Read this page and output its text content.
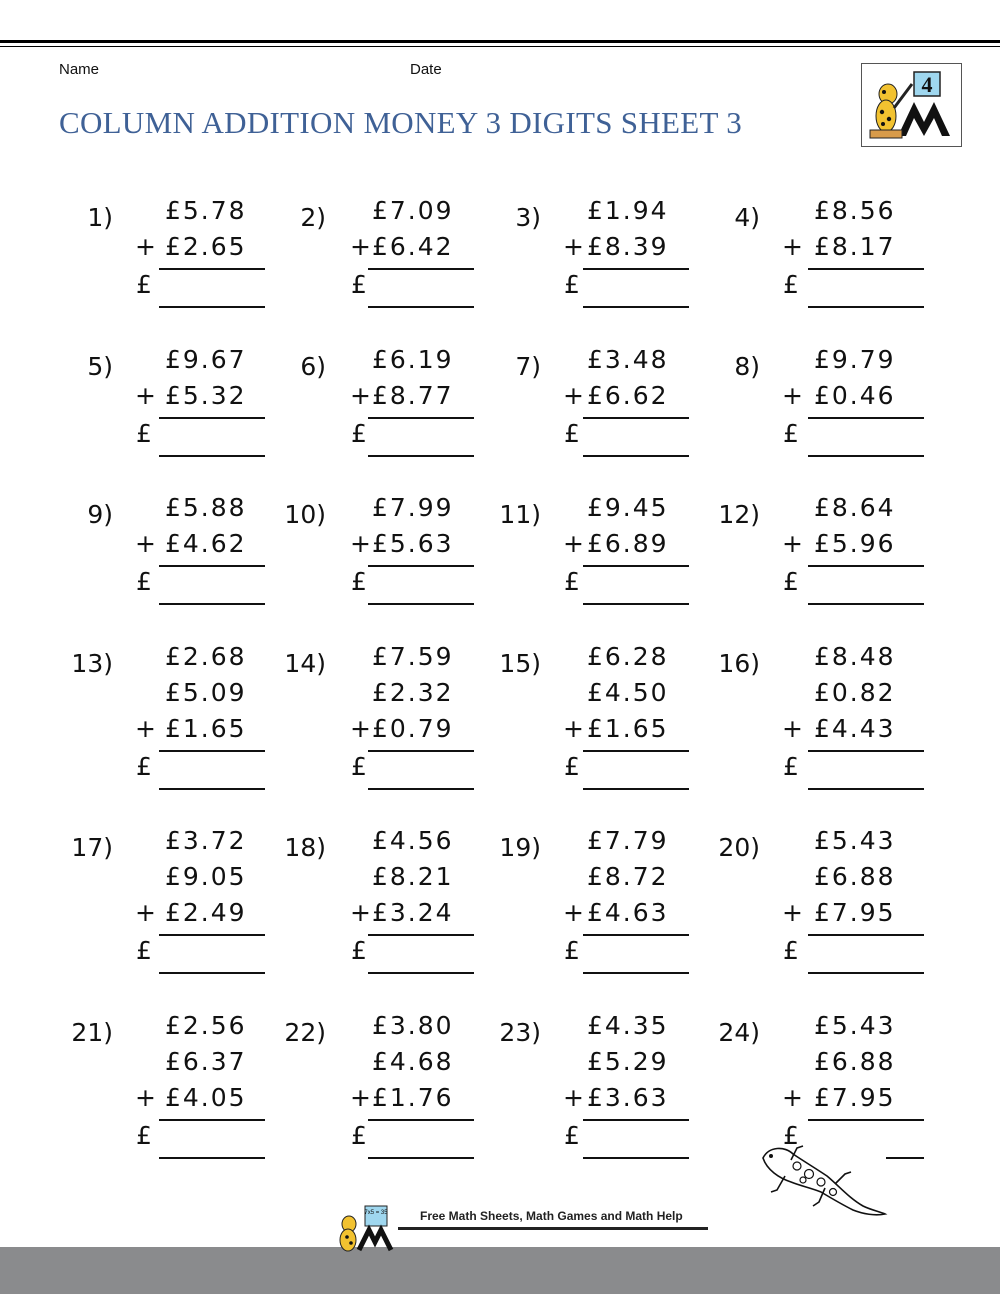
Name	Date
COLUMN ADDITION MONEY 3 DIGITS SHEET 3
4
1) £5.78
£2.65
+
£
2) £7.09
£6.42
+
£
3) £1.94
£8.39
+
£
4) £8.56
£8.17
+
£
5) £9.67
£5.32
+
£
6) £6.19
£8.77
+
£
7) £3.48
£6.62
+
£
8) £9.79
£0.46
+
£
9) £5.88
£4.62
+
£
10) £7.99
£5.63
+
£
11) £9.45
£6.89
+
£
12) £8.64
£5.96
+
£
13) £2.68
£5.09
£1.65
+
£
14) £7.59
£2.32
£0.79
+
£
15) £6.28
£4.50
£1.65
+
£
16) £8.48
£0.82
£4.43
+
£
17) £3.72
£9.05
£2.49
+
£
18) £4.56
£8.21
£3.24
+
£
19) £7.79
£8.72
£4.63
+
£
20) £5.43
£6.88
£7.95
+
£
21) £2.56
£6.37
£4.05
+
£
22) £3.80
£4.68
£1.76
+
£
23) £4.35
£5.29
£3.63
+
£
24) £5.43
£6.88
£7.95
+
£
7x5 = 35	Free Math Sheets, Math Games and Math Help
